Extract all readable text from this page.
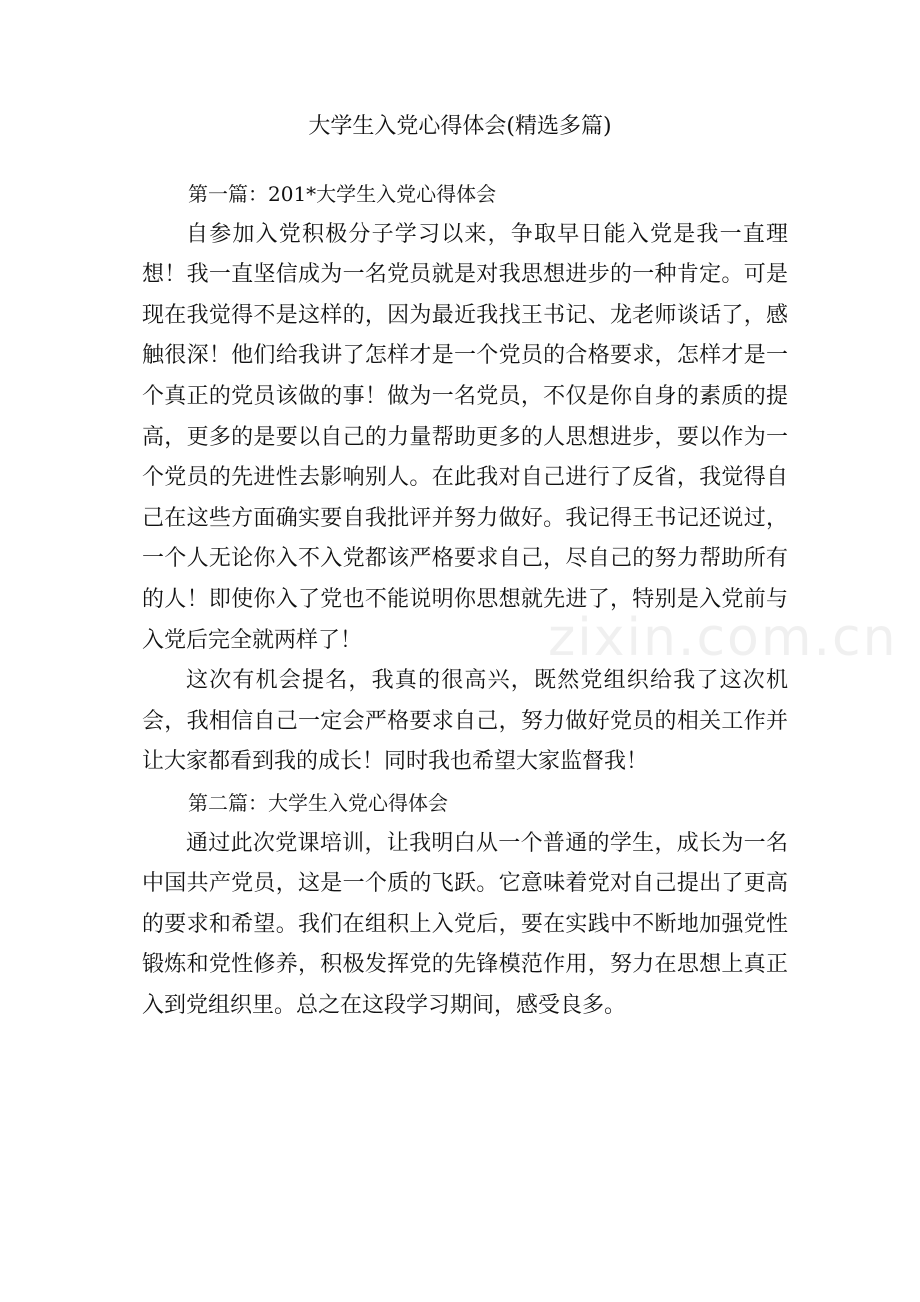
大学生入党心得体会(精选多篇)

第一篇：201*大学生入党心得体会

自参加入党积极分子学习以来，争取早日能入党是我一直理想！我一直坚信成为一名党员就是对我思想进步的一种肯定。可是现在我觉得不是这样的，因为最近我找王书记、龙老师谈话了，感触很深！他们给我讲了怎样才是一个党员的合格要求，怎样才是一个真正的党员该做的事！做为一名党员，不仅是你自身的素质的提高，更多的是要以自己的力量帮助更多的人思想进步，要以作为一个党员的先进性去影响别人。在此我对自己进行了反省，我觉得自己在这些方面确实要自我批评并努力做好。我记得王书记还说过，一个人无论你入不入党都该严格要求自己，尽自己的努力帮助所有的人！即使你入了党也不能说明你思想就先进了，特别是入党前与入党后完全就两样了！

这次有机会提名，我真的很高兴，既然党组织给我了这次机会，我相信自己一定会严格要求自己，努力做好党员的相关工作并让大家都看到我的成长！同时我也希望大家监督我！

第二篇：大学生入党心得体会

通过此次党课培训，让我明白从一个普通的学生，成长为一名中国共产党员，这是一个质的飞跃。它意味着党对自己提出了更高的要求和希望。我们在组积上入党后，要在实践中不断地加强党性锻炼和党性修养，积极发挥党的先锋模范作用，努力在思想上真正入到党组织里。总之在这段学习期间，感受良多。

zixin.com.cn
